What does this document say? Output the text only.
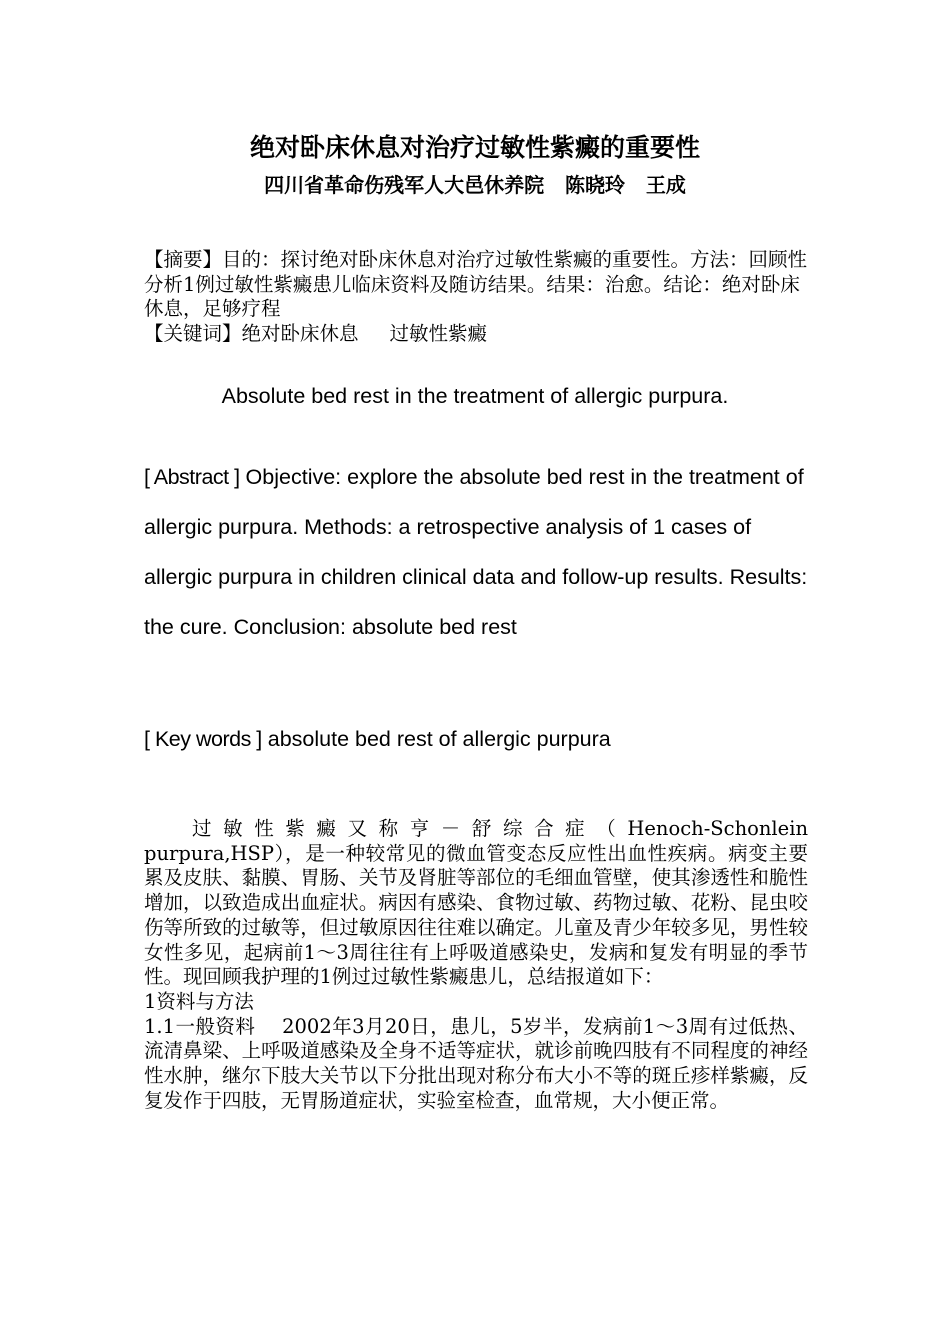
绝对卧床休息对治疗过敏性紫癜的重要性
四川省革命伤残军人大邑休养院 陈晓玲 王成

【摘要】目的：探讨绝对卧床休息对治疗过敏性紫癜的重要性。方法：回顾性分析1例过敏性紫癜患儿临床资料及随访结果。结果：治愈。结论：绝对卧床休息，足够疗程

【关键词】绝对卧床休息 过敏性紫癜

Absolute bed rest in the treatment of allergic purpura.

[ Abstract ] Objective: explore the absolute bed rest in the treatment of allergic purpura. Methods: a retrospective analysis of 1 cases of allergic purpura in children clinical data and follow-up results. Results: the cure. Conclusion: absolute bed rest

[ Key words ] absolute bed rest of allergic purpura

过敏性紫癜又称亨－舒综合症（Henoch-Schonlein purpura,HSP），是一种较常见的微血管变态反应性出血性疾病。病变主要累及皮肤、黏膜、胃肠、关节及肾脏等部位的毛细血管壁，使其渗透性和脆性增加，以致造成出血症状。病因有感染、食物过敏、药物过敏、花粉、昆虫咬伤等所致的过敏等，但过敏原因往往难以确定。儿童及青少年较多见，男性较女性多见，起病前1～3周往往有上呼吸道感染史，发病和复发有明显的季节性。现回顾我护理的1例过过敏性紫癜患儿，总结报道如下：

1资料与方法

1.1一般资料 2002年3月20日，患儿，5岁半，发病前1～3周有过低热、流清鼻梁、上呼吸道感染及全身不适等症状，就诊前晚四肢有不同程度的神经性水肿，继尔下肢大关节以下分批出现对称分布大小不等的斑丘疹样紫癜，反复发作于四肢，无胃肠道症状，实验室检查，血常规，大小便正常。
